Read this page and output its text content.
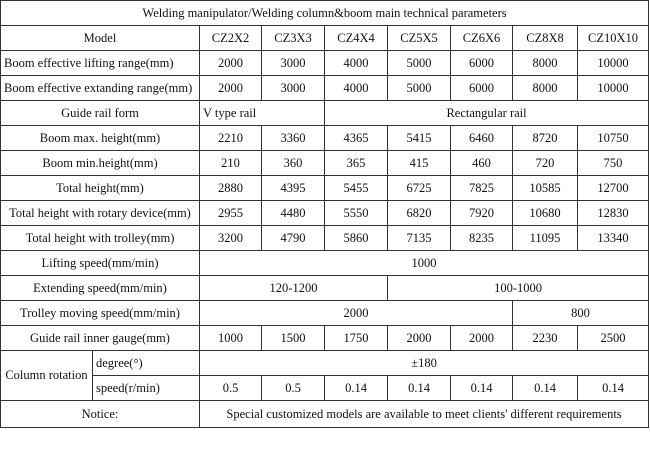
Welding manipulator/Welding column&boom main technical parameters								
Model		CZ2X2	CZ3X3	CZ4X4	CZ5X5	CZ6X6	CZ8X8	CZ10X10
Boom effective lifting range(mm)		2000	3000	4000	5000	6000	8000	10000
Boom effective extanding range(mm)		2000	3000	4000	5000	6000	8000	10000
Guide rail form		V type rail		Rectangular rail				
Boom max. height(mm)		2210	3360	4365	5415	6460	8720	10750
Boom min.height(mm)		210	360	365	415	460	720	750
Total height(mm)		2880	4395	5455	6725	7825	10585	12700
Total height with rotary device(mm)		2955	4480	5550	6820	7920	10680	12830
Total height with trolley(mm)		3200	4790	5860	7135	8235	11095	13340
Lifting speed(mm/min)		1000						
Extending speed(mm/min)		120-1200			100-1000			
Trolley moving speed(mm/min)		2000					800	
Guide rail inner gauge(mm)		1000	1500	1750	2000	2000	2230	2500
Column rotation	degree(°)	±180						
	speed(r/min)	0.5	0.5	0.14	0.14	0.14	0.14	0.14
Notice:		Special customized models are available to meet clients' different requirements						
